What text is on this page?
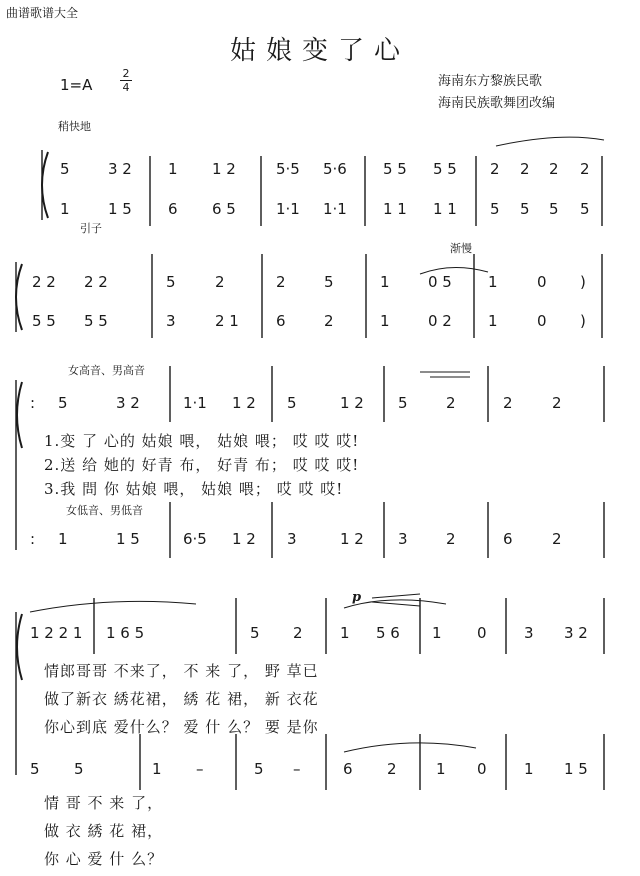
曲谱歌谱大全
姑娘变了心
1=A
2
4	海南东方黎族民歌
海南民族歌舞团改编
稍快地
引子
渐慢
女高音、男高音
女低音、男低音
5	3 2 1 1 2	5·5 5·6 5 5 5 5 2 2 2 2
1	1 5 6 6 5	1·1 1·1 1 1 1 1 5 5 5 5
2 2 2 2	5	2	2	5	1	0 5 1	0 )
5 5 5 5	3	2 1 6	2	1	0 2 1	0 )
: 5	3 2	1·1 1 2 5	1 2 5	2	2	2
: 1	1 5	6·5 1 2 3	1 2 3	2	6	2
1.变 了 心的 姑娘 喂， 姑娘 喂； 哎 哎 哎!
2.送 给 她的 好青 布， 好青 布； 哎 哎 哎!
3.我 問 你 姑娘 喂， 姑娘 喂； 哎 哎 哎!
1 2 2 1 1 6 5	5 2 1 5 6 1 0 3 3 2
5 5	1 –	5 –	6 2	1 0 1 1 5
情郎哥哥 不来了， 不 来 了， 野 草已
做了新衣 綉花裙， 綉 花 裙， 新 衣花
你心到底 爱什么？ 爱 什 么？ 要 是你
情 哥 不 来 了，
做 衣 綉 花 裙，
你 心 爱 什 么？
p
